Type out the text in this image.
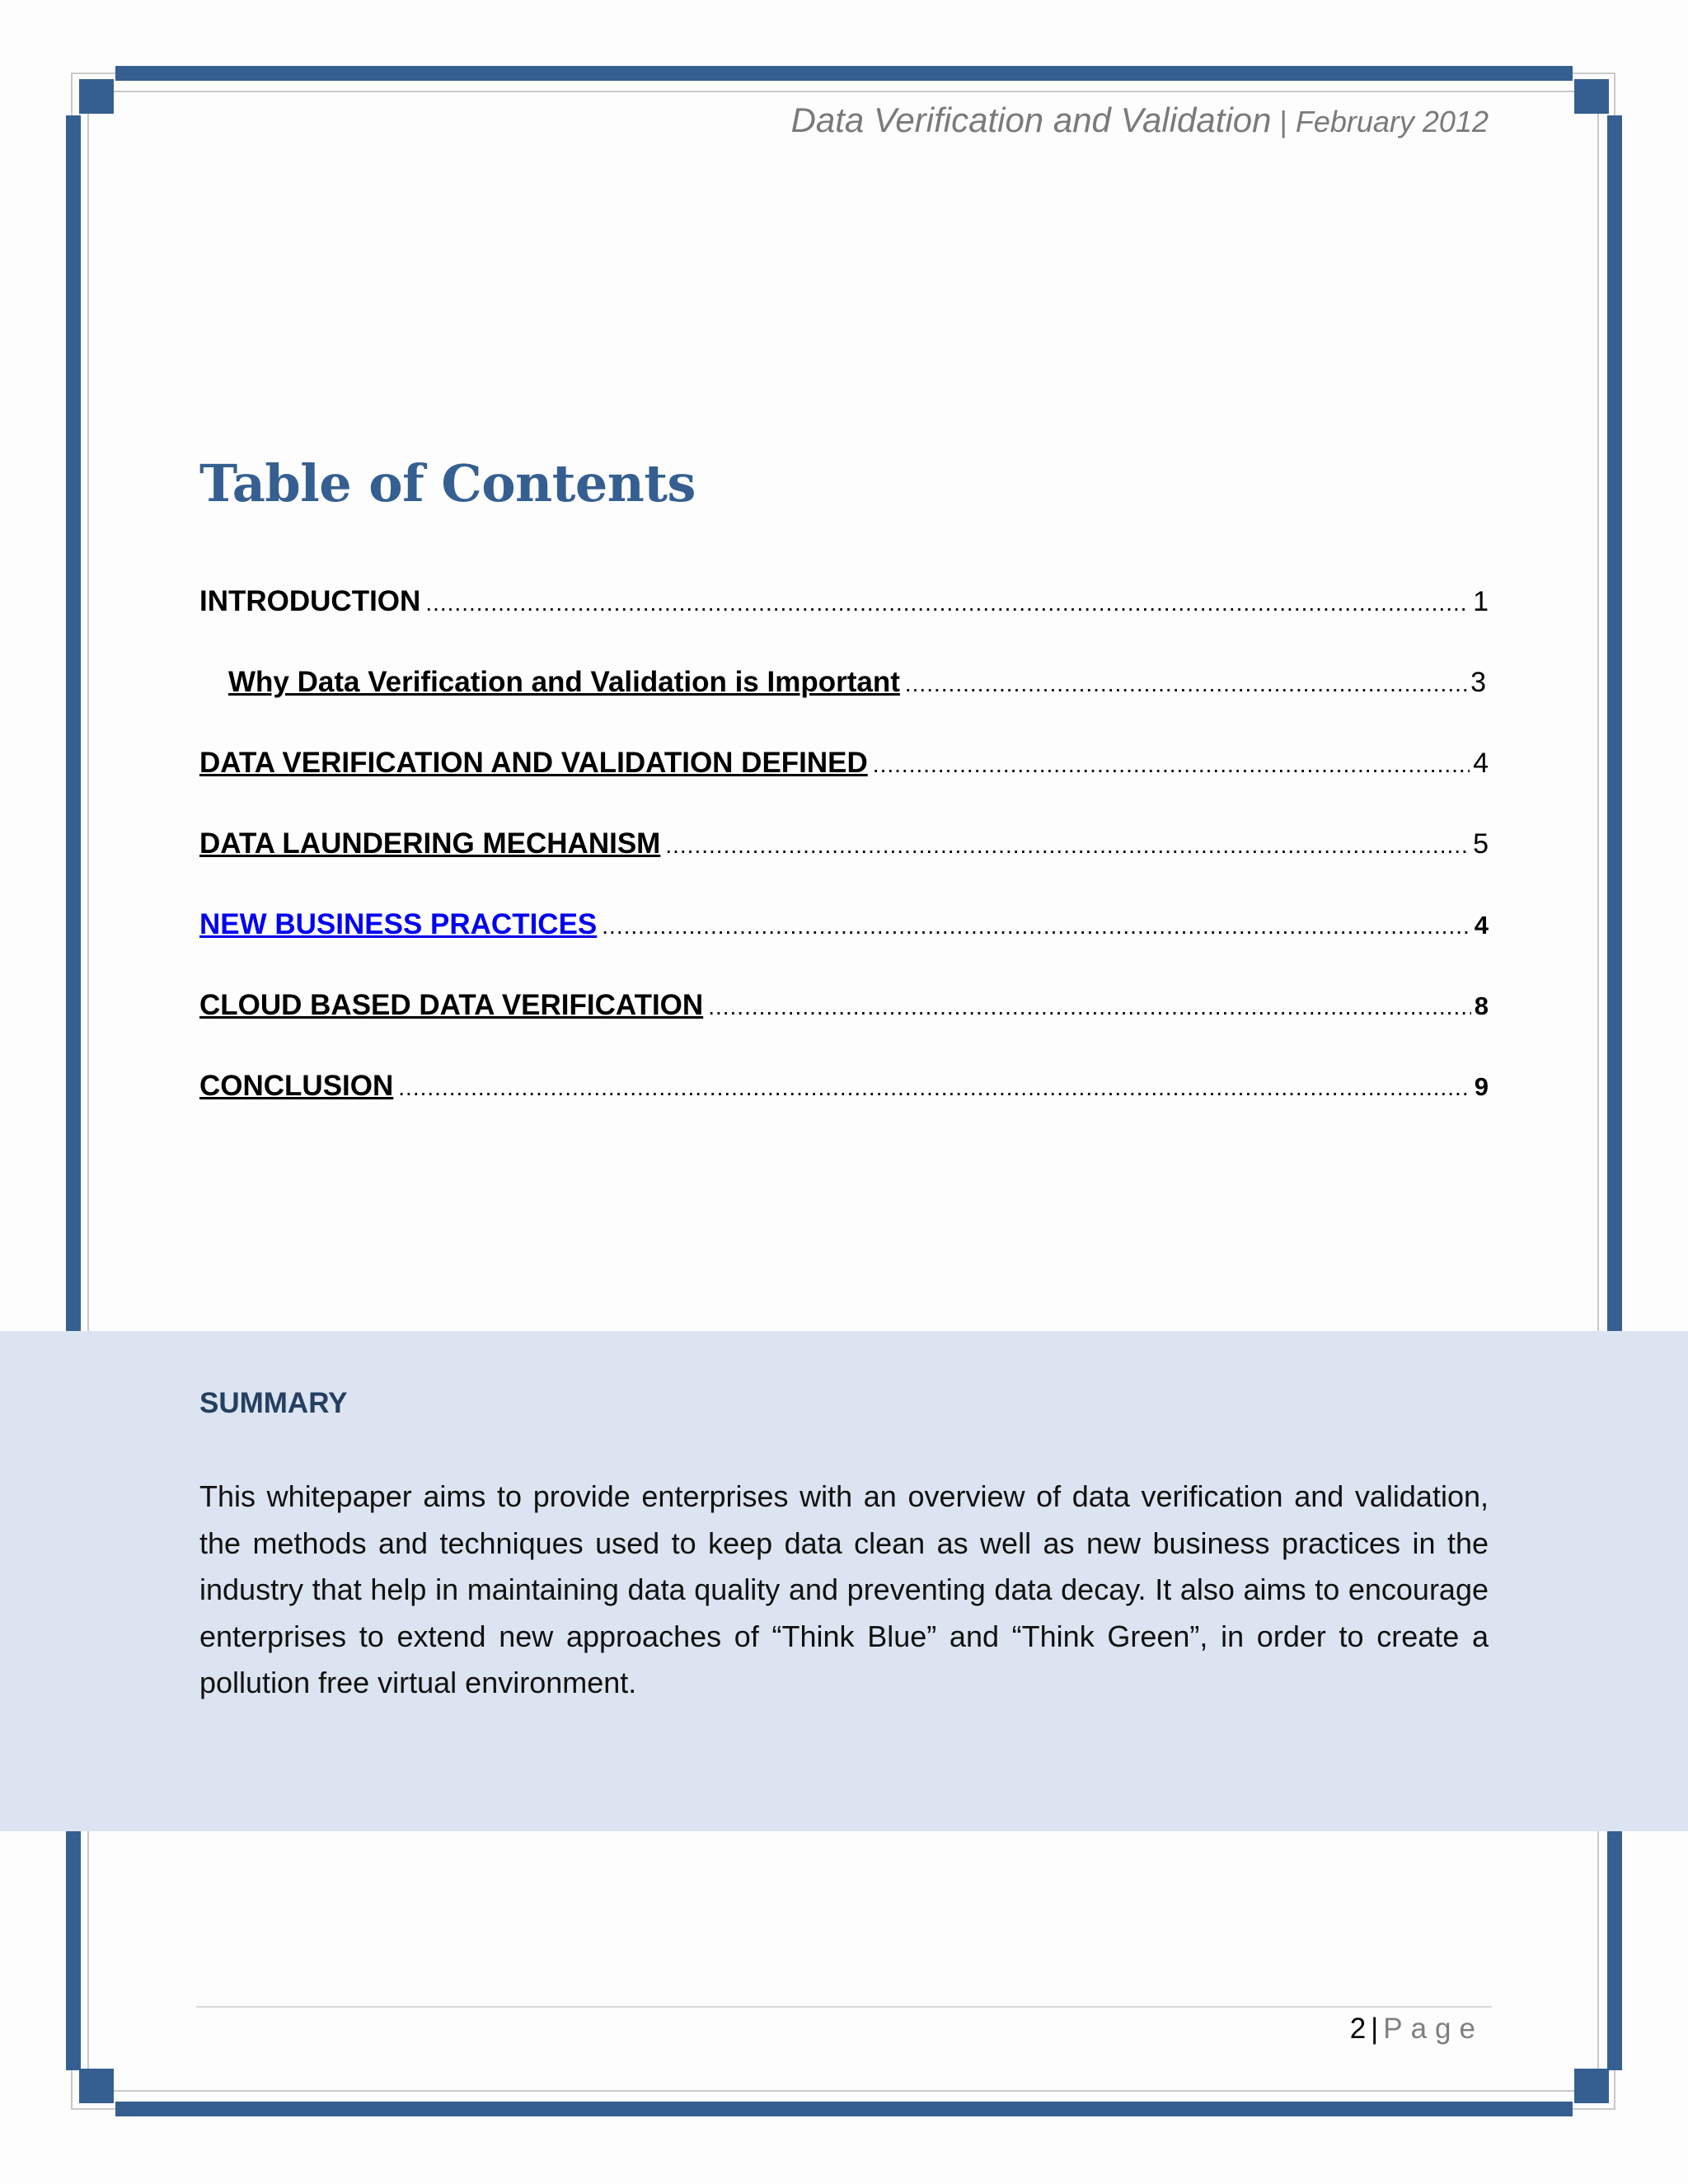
Data Verification and Validation | February 2012
Table of Contents
INTRODUCTION .....	1
Why Data Verification and Validation is Important .....	3
DATA VERIFICATION AND VALIDATION DEFINED .....	4
DATA LAUNDERING MECHANISM .....	5
NEW BUSINESS PRACTICES .....	4
CLOUD BASED DATA VERIFICATION .....	8
CONCLUSION .....	9
SUMMARY

This whitepaper aims to provide enterprises with an overview of data verification and validation, the methods and techniques used to keep data clean as well as new business practices in the industry that help in maintaining data quality and preventing data decay. It also aims to encourage enterprises to extend new approaches of “Think Blue” and “Think Green”, in order to create a pollution free virtual environment.

2 | Page
